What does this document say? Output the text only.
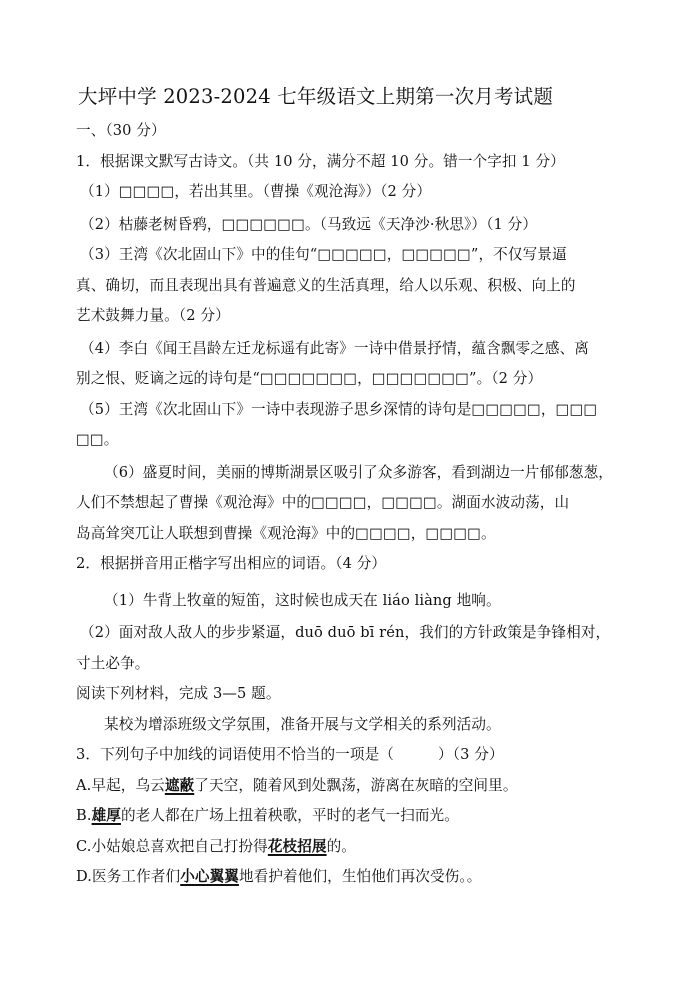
大坪中学 2023-2024 七年级语文上期第一次月考试题
一、（30 分）
1．根据课文默写古诗文。（共 10 分，满分不超 10 分。错一个字扣 1 分）
（1）□□□□，若出其里。（曹操《观沧海》）（2 分）
（2）枯藤老树昏鸦，□□□□□□。（马致远《天净沙·秋思》）（1 分）
（3）王湾《次北固山下》中的佳句“□□□□□，□□□□□”，不仅写景逼
真、确切，而且表现出具有普遍意义的生活真理，给人以乐观、积极、向上的
艺术鼓舞力量。（2 分）
（4）李白《闻王昌龄左迁龙标遥有此寄》一诗中借景抒情，蕴含飘零之感、离
别之恨、贬谪之远的诗句是“□□□□□□□，□□□□□□□”。（2 分）
（5）王湾《次北固山下》一诗中表现游子思乡深情的诗句是□□□□□，□□□
□□。
（6）盛夏时间，美丽的博斯湖景区吸引了众多游客，看到湖边一片郁郁葱葱，
人们不禁想起了曹操《观沧海》中的□□□□，□□□□。湖面水波动荡，山
岛高耸突兀让人联想到曹操《观沧海》中的□□□□，□□□□。
2．根据拼音用正楷字写出相应的词语。（4 分）
（1）牛背上牧童的短笛，这时候也成天在 liáo liàng 地响。
（2）面对敌人敌人的步步紧逼，duō duō bī rén，我们的方针政策是争锋相对，
寸土必争。
阅读下列材料，完成 3—5 题。
某校为增添班级文学氛围，准备开展与文学相关的系列活动。
3．下列句子中加线的词语使用不恰当的一项是（　　　）（3 分）
A.早起，乌云遮蔽了天空，随着风到处飘荡，游离在灰暗的空间里。
B.雄厚的老人都在广场上扭着秧歌，平时的老气一扫而光。
C.小姑娘总喜欢把自己打扮得花枝招展的。
D.医务工作者们小心翼翼地看护着他们，生怕他们再次受伤。。
